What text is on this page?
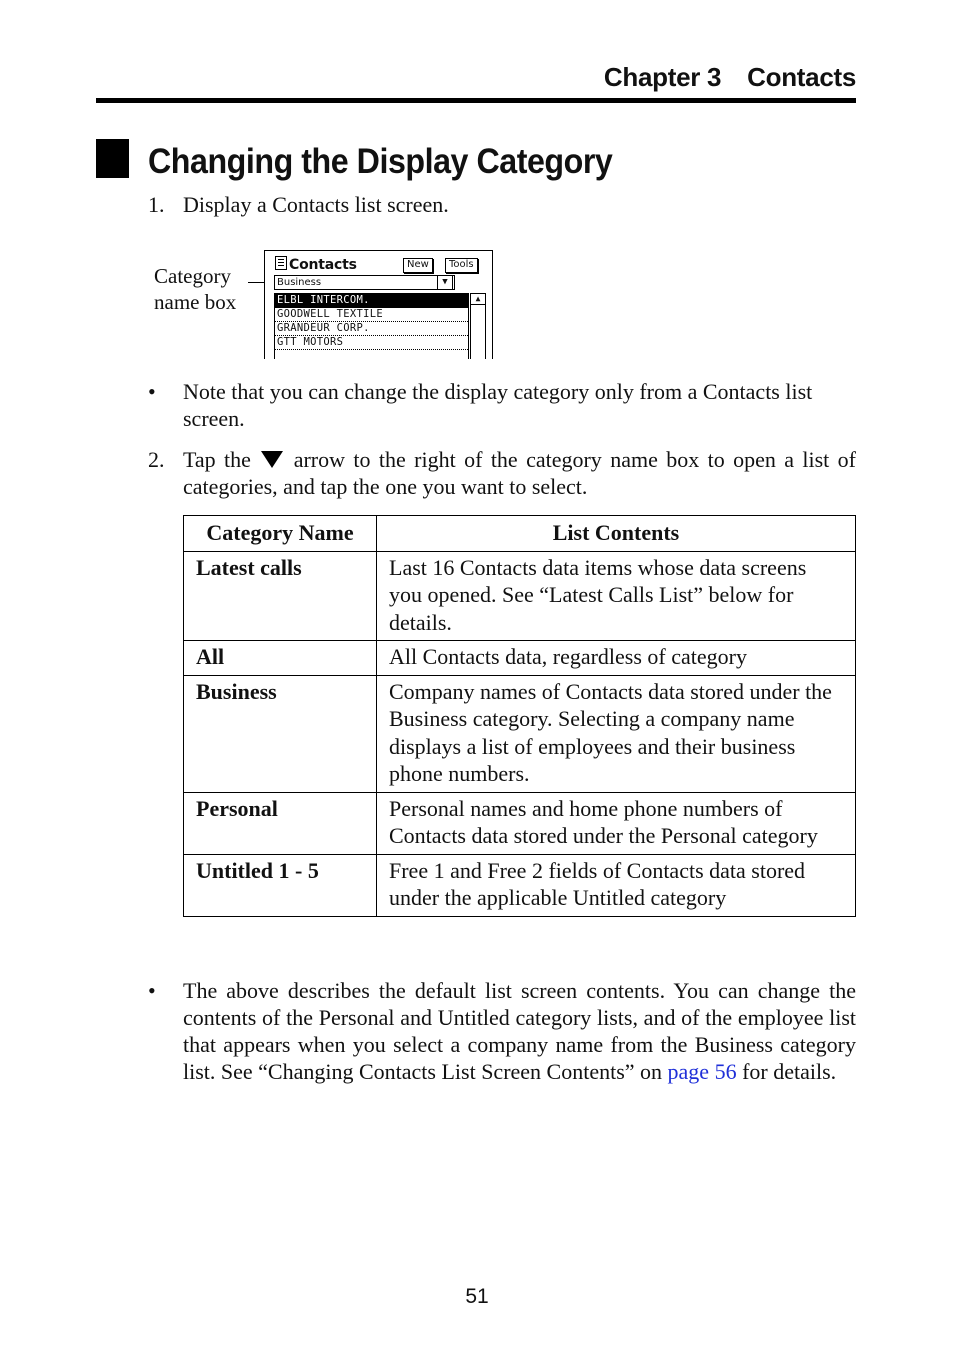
Chapter 3 Contacts
Changing the Display Category
1. Display a Contacts list screen.
Category
name box
Contacts	New	Tools
Business	▼
ELBL INTERCOM.
GOODWELL TEXTILE
GRANDEUR CORP.
GTT MOTORS
▲
• Note that you can change the display category only from a Contacts list screen.
2. Tap the arrow to the right of the category name box to open a list of categories, and tap the one you want to select.
Category Name	List Contents
Latest calls	Last 16 Contacts data items whose data screens you opened. See “Latest Calls List” below for details.
All	All Contacts data, regardless of category
Business	Company names of Contacts data stored under the Business category. Selecting a company name displays a list of employees and their business phone numbers.
Personal	Personal names and home phone numbers of Contacts data stored under the Personal category
Untitled 1 - 5	Free 1 and Free 2 fields of Contacts data stored under the applicable Untitled category
• The above describes the default list screen contents. You can change the contents of the Personal and Untitled category lists, and of the employee list that appears when you select a company name from the Business category list. See “Changing Contacts List Screen Contents” on page 56 for details.
51
